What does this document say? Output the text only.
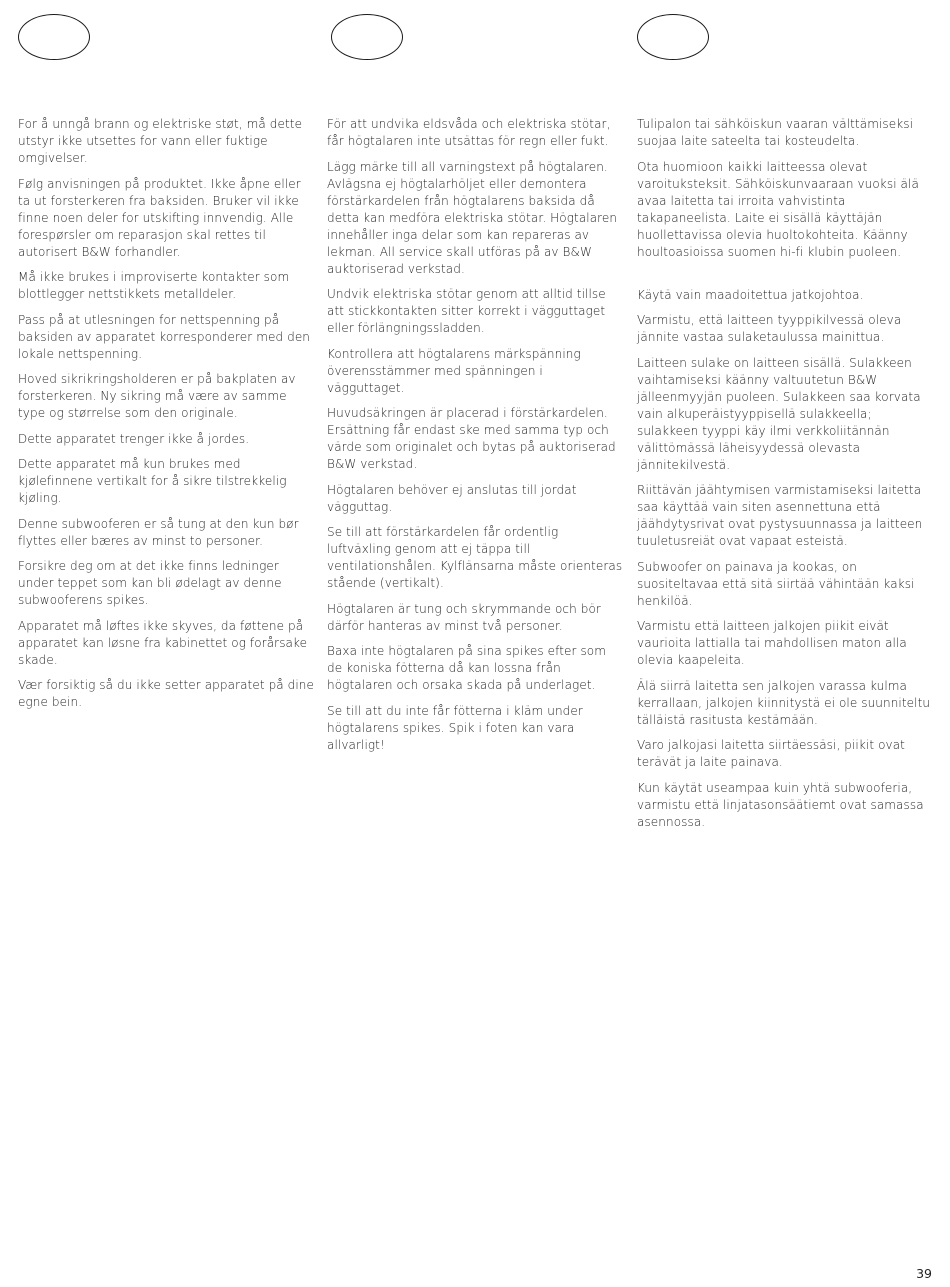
For å unngå brann og elektriske støt, må dette utstyr ikke utsettes for vann eller fuktige omgivelser.

Følg anvisningen på produktet. Ikke åpne eller ta ut forsterkeren fra baksiden. Bruker vil ikke finne noen deler for utskifting innvendig. Alle forespørsler om reparasjon skal rettes til autorisert B&W forhandler.

Må ikke brukes i improviserte kontakter som blottlegger nettstikkets metalldeler.

Pass på at utlesningen for nettspenning på baksiden av apparatet korresponderer med den lokale nettspenning.

Hoved sikrikringsholderen er på bakplaten av forsterkeren. Ny sikring må være av samme type og størrelse som den originale.

Dette apparatet trenger ikke å jordes.

Dette apparatet må kun brukes med kjølefinnene vertikalt for å sikre tilstrekkelig kjøling.

Denne subwooferen er så tung at den kun bør flyttes eller bæres av minst to personer.

Forsikre deg om at det ikke finns ledninger under teppet som kan bli ødelagt av denne subwooferens spikes.

Apparatet må løftes ikke skyves, da føttene på apparatet kan løsne fra kabinettet og forårsake skade.

Vær forsiktig så du ikke setter apparatet på dine egne bein.

För att undvika eldsvåda och elektriska stötar, får högtalaren inte utsättas för regn eller fukt.

Lägg märke till all varningstext på högtalaren. Avlägsna ej högtalarhöljet eller demontera förstärkardelen från högtalarens baksida då detta kan medföra elektriska stötar. Högtalaren innehåller inga delar som kan repareras av lekman. All service skall utföras på av B&W auktoriserad verkstad.

Undvik elektriska stötar genom att alltid tillse att stickkontakten sitter korrekt i vägguttaget eller förlängningssladden.

Kontrollera att högtalarens märkspänning överensstämmer med spänningen i vägguttaget.

Huvudsäkringen är placerad i förstärkardelen. Ersättning får endast ske med samma typ och värde som originalet och bytas på auktoriserad B&W verkstad.

Högtalaren behöver ej anslutas till jordat vägguttag.

Se till att förstärkardelen får ordentlig luftväxling genom att ej täppa till ventilationshålen. Kylflänsarna måste orienteras stående (vertikalt).

Högtalaren är tung och skrymmande och bör därför hanteras av minst två personer.

Baxa inte högtalaren på sina spikes efter som de koniska fötterna då kan lossna från högtalaren och orsaka skada på underlaget.

Se till att du inte får fötterna i kläm under högtalarens spikes. Spik i foten kan vara allvarligt!

Tulipalon tai sähköiskun vaaran välttämiseksi suojaa laite sateelta tai kosteudelta.

Ota huomioon kaikki laitteessa olevat varoituksteksit. Sähköiskunvaaraan vuoksi älä avaa laitetta tai irroita vahvistinta takapaneelista. Laite ei sisällä käyttäjän huollettavissa olevia huoltokohteita. Käänny houltoasioissa suomen hi-fi klubin puoleen.

Käytä vain maadoitettua jatkojohtoa.

Varmistu, että laitteen tyyppikilvessä oleva jännite vastaa sulaketaulussa mainittua.

Laitteen sulake on laitteen sisällä. Sulakkeen vaihtamiseksi käänny valtuutetun B&W jälleenmyyjän puoleen. Sulakkeen saa korvata vain alkuperäistyyppisellä sulakkeella; sulakkeen tyyppi käy ilmi verkkoliitännän välittömässä läheisyydessä olevasta jännitekilvestä.

Riittävän jäähtymisen varmistamiseksi laitetta saa käyttää vain siten asennettuna että jäähdytysrivat ovat pystysuunnassa ja laitteen tuuletusreiät ovat vapaat esteistä.

Subwoofer on painava ja kookas, on suositeltavaa että sitä siirtää vähintään kaksi henkilöä.

Varmistu että laitteen jalkojen piikit eivät vaurioita lattialla tai mahdollisen maton alla olevia kaapeleita.

Älä siirrä laitetta sen jalkojen varassa kulma kerrallaan, jalkojen kiinnitystä ei ole suunniteltu tälläistä rasitusta kestämään.

Varo jalkojasi laitetta siirtäessäsi, piikit ovat terävät ja laite painava.

Kun käytät useampaa kuin yhtä subwooferia, varmistu että linjatasonsäätiemt ovat samassa asennossa.

39
